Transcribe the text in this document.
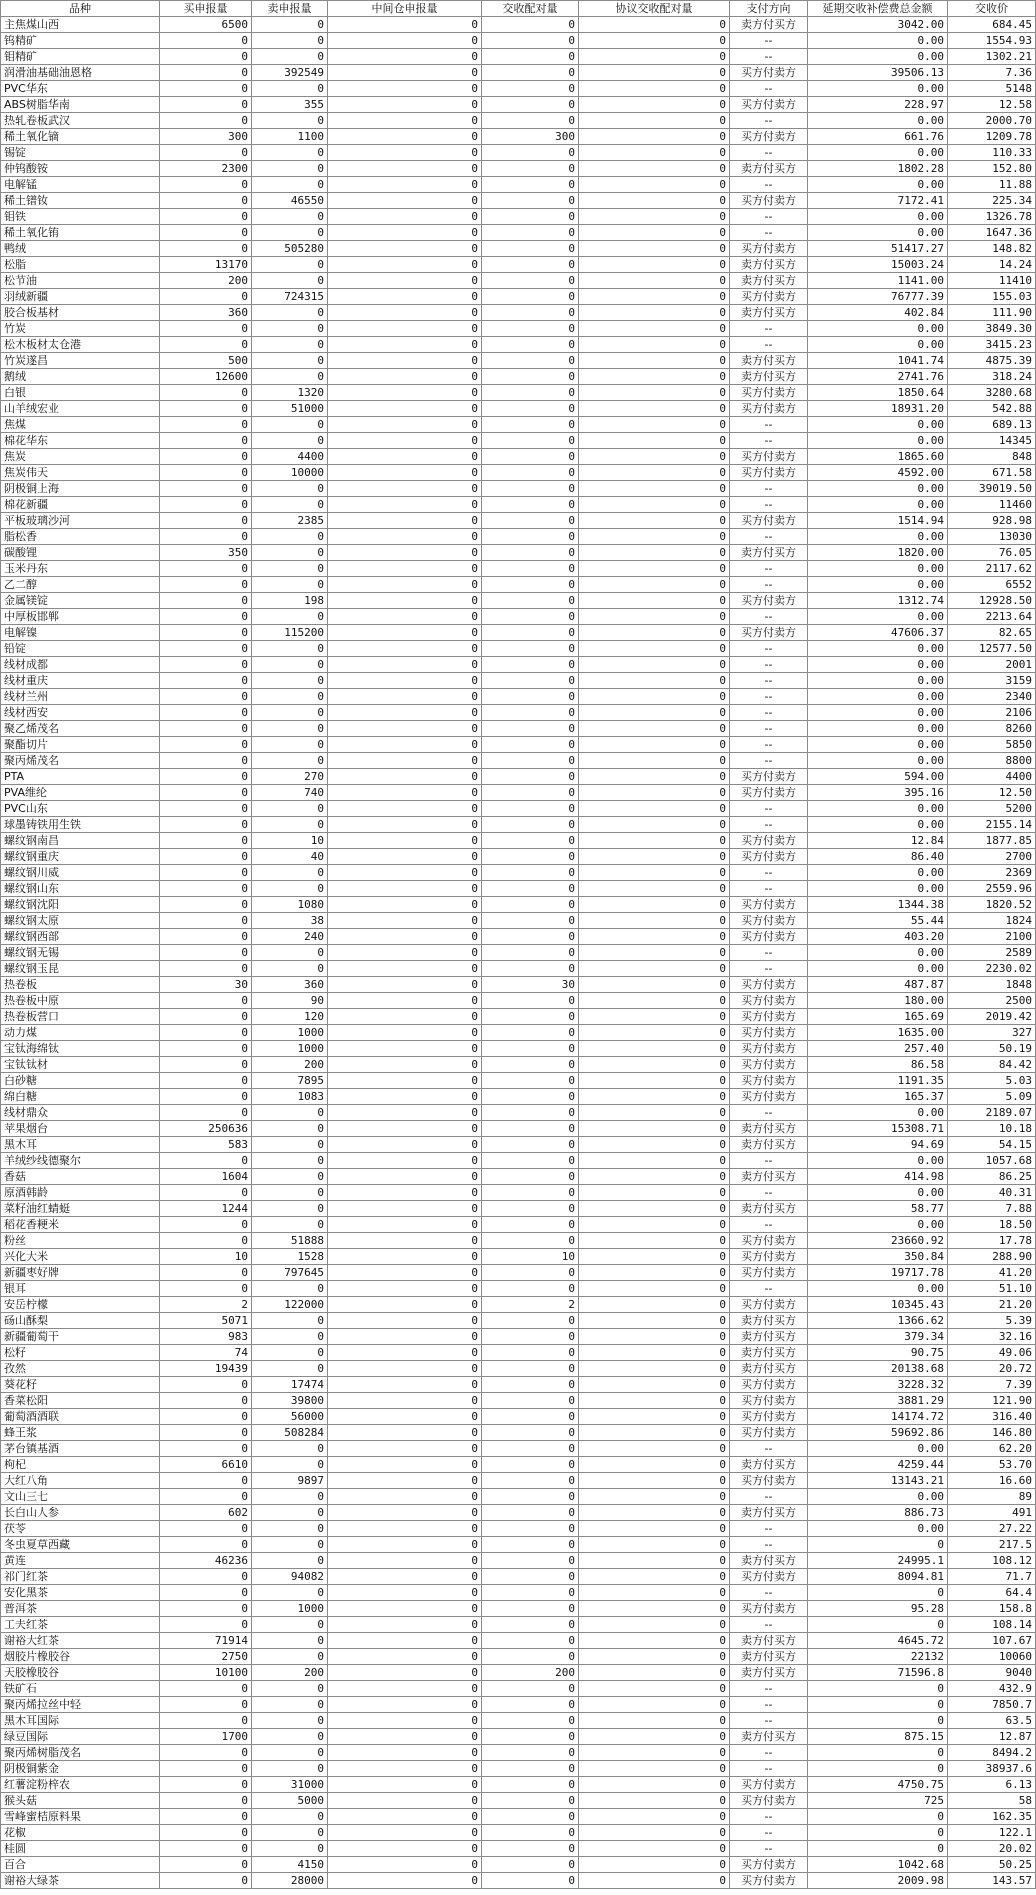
品种	买申报量	卖申报量	中间仓申报量	交收配对量	协议交收配对量	支付方向	延期交收补偿费总金额	交收价
主焦煤山西	6500	0	0	0	0	卖方付买方	3042.00	684.45
钨精矿	0	0	0	0	0	--	0.00	1554.93
钼精矿	0	0	0	0	0	--	0.00	1302.21
润滑油基础油恩格	0	392549	0	0	0	买方付卖方	39506.13	7.36
PVC华东	0	0	0	0	0	--	0.00	5148
ABS树脂华南	0	355	0	0	0	买方付卖方	228.97	12.58
热轧卷板武汉	0	0	0	0	0	--	0.00	2000.70
稀土氧化镝	300	1100	0	300	0	买方付卖方	661.76	1209.78
锡锭	0	0	0	0	0	--	0.00	110.33
仲钨酸铵	2300	0	0	0	0	卖方付买方	1802.28	152.80
电解锰	0	0	0	0	0	--	0.00	11.88
稀土镨钕	0	46550	0	0	0	买方付卖方	7172.41	225.34
钼铁	0	0	0	0	0	--	0.00	1326.78
稀土氧化铕	0	0	0	0	0	--	0.00	1647.36
鸭绒	0	505280	0	0	0	买方付卖方	51417.27	148.82
松脂	13170	0	0	0	0	卖方付买方	15003.24	14.24
松节油	200	0	0	0	0	卖方付买方	1141.00	11410
羽绒新疆	0	724315	0	0	0	买方付卖方	76777.39	155.03
胶合板基材	360	0	0	0	0	卖方付买方	402.84	111.90
竹炭	0	0	0	0	0	--	0.00	3849.30
松木板材太仓港	0	0	0	0	0	--	0.00	3415.23
竹炭遂昌	500	0	0	0	0	卖方付买方	1041.74	4875.39
鹅绒	12600	0	0	0	0	卖方付买方	2741.76	318.24
白银	0	1320	0	0	0	买方付卖方	1850.64	3280.68
山羊绒宏业	0	51000	0	0	0	买方付卖方	18931.20	542.88
焦煤	0	0	0	0	0	--	0.00	689.13
棉花华东	0	0	0	0	0	--	0.00	14345
焦炭	0	4400	0	0	0	买方付卖方	1865.60	848
焦炭伟天	0	10000	0	0	0	买方付卖方	4592.00	671.58
阴极铜上海	0	0	0	0	0	--	0.00	39019.50
棉花新疆	0	0	0	0	0	--	0.00	11460
平板玻璃沙河	0	2385	0	0	0	买方付卖方	1514.94	928.98
脂松香	0	0	0	0	0	--	0.00	13030
碳酸锂	350	0	0	0	0	卖方付买方	1820.00	76.05
玉米丹东	0	0	0	0	0	--	0.00	2117.62
乙二醇	0	0	0	0	0	--	0.00	6552
金属镁锭	0	198	0	0	0	买方付卖方	1312.74	12928.50
中厚板邯郸	0	0	0	0	0	--	0.00	2213.64
电解镍	0	115200	0	0	0	买方付卖方	47606.37	82.65
铅锭	0	0	0	0	0	--	0.00	12577.50
线材成都	0	0	0	0	0	--	0.00	2001
线材重庆	0	0	0	0	0	--	0.00	3159
线材兰州	0	0	0	0	0	--	0.00	2340
线材西安	0	0	0	0	0	--	0.00	2106
聚乙烯茂名	0	0	0	0	0	--	0.00	8260
聚酯切片	0	0	0	0	0	--	0.00	5850
聚丙烯茂名	0	0	0	0	0	--	0.00	8800
PTA	0	270	0	0	0	买方付卖方	594.00	4400
PVA维纶	0	740	0	0	0	买方付卖方	395.16	12.50
PVC山东	0	0	0	0	0	--	0.00	5200
球墨铸铁用生铁	0	0	0	0	0	--	0.00	2155.14
螺纹钢南昌	0	10	0	0	0	买方付卖方	12.84	1877.85
螺纹钢重庆	0	40	0	0	0	买方付卖方	86.40	2700
螺纹钢川威	0	0	0	0	0	--	0.00	2369
螺纹钢山东	0	0	0	0	0	--	0.00	2559.96
螺纹钢沈阳	0	1080	0	0	0	买方付卖方	1344.38	1820.52
螺纹钢太原	0	38	0	0	0	买方付卖方	55.44	1824
螺纹钢西部	0	240	0	0	0	买方付卖方	403.20	2100
螺纹钢无锡	0	0	0	0	0	--	0.00	2589
螺纹钢玉昆	0	0	0	0	0	--	0.00	2230.02
热卷板	30	360	0	30	0	买方付卖方	487.87	1848
热卷板中原	0	90	0	0	0	买方付卖方	180.00	2500
热卷板营口	0	120	0	0	0	买方付卖方	165.69	2019.42
动力煤	0	1000	0	0	0	买方付卖方	1635.00	327
宝钛海绵钛	0	1000	0	0	0	买方付卖方	257.40	50.19
宝钛钛材	0	200	0	0	0	买方付卖方	86.58	84.42
白砂糖	0	7895	0	0	0	买方付卖方	1191.35	5.03
绵白糖	0	1083	0	0	0	买方付卖方	165.37	5.09
线材鼎众	0	0	0	0	0	--	0.00	2189.07
苹果烟台	250636	0	0	0	0	卖方付买方	15308.71	10.18
黑木耳	583	0	0	0	0	卖方付买方	94.69	54.15
羊绒纱线德聚尔	0	0	0	0	0	--	0.00	1057.68
香菇	1604	0	0	0	0	卖方付买方	414.98	86.25
原酒韩龄	0	0	0	0	0	--	0.00	40.31
菜籽油红蜻蜓	1244	0	0	0	0	卖方付买方	58.77	7.88
稻花香粳米	0	0	0	0	0	--	0.00	18.50
粉丝	0	51888	0	0	0	买方付卖方	23660.92	17.78
兴化大米	10	1528	0	10	0	买方付卖方	350.84	288.90
新疆枣好牌	0	797645	0	0	0	买方付卖方	19717.78	41.20
银耳	0	0	0	0	0	--	0.00	51.10
安岳柠檬	2	122000	0	2	0	买方付卖方	10345.43	21.20
砀山酥梨	5071	0	0	0	0	卖方付买方	1366.62	5.39
新疆葡萄干	983	0	0	0	0	卖方付买方	379.34	32.16
松籽	74	0	0	0	0	卖方付买方	90.75	49.06
孜然	19439	0	0	0	0	卖方付买方	20138.68	20.72
葵花籽	0	17474	0	0	0	买方付卖方	3228.32	7.39
香菜松阳	0	39800	0	0	0	买方付卖方	3881.29	121.90
葡萄酒酒联	0	56000	0	0	0	买方付卖方	14174.72	316.40
蜂王浆	0	508284	0	0	0	买方付卖方	59692.86	146.80
茅台镇基酒	0	0	0	0	0	--	0.00	62.20
枸杞	6610	0	0	0	0	卖方付买方	4259.44	53.70
大红八角	0	9897	0	0	0	买方付卖方	13143.21	16.60
文山三七	0	0	0	0	0	--	0.00	89
长白山人参	602	0	0	0	0	卖方付买方	886.73	491
茯苓	0	0	0	0	0	--	0.00	27.22
冬虫夏草西藏	0	0	0	0	0	--	0	217.5
黄连	46236	0	0	0	0	卖方付买方	24995.1	108.12
祁门红茶	0	94082	0	0	0	买方付卖方	8094.81	71.7
安化黑茶	0	0	0	0	0	--	0	64.4
普洱茶	0	1000	0	0	0	买方付卖方	95.28	158.8
工夫红茶	0	0	0	0	0	--	0	108.14
谢裕大红茶	71914	0	0	0	0	卖方付买方	4645.72	107.67
烟胶片橡胶谷	2750	0	0	0	0	卖方付买方	22132	10060
天胶橡胶谷	10100	200	0	200	0	卖方付买方	71596.8	9040
铁矿石	0	0	0	0	0	--	0	432.9
聚丙烯拉丝中轻	0	0	0	0	0	--	0	7850.7
黑木耳国际	0	0	0	0	0	--	0	63.5
绿豆国际	1700	0	0	0	0	卖方付买方	875.15	12.87
聚丙烯树脂茂名	0	0	0	0	0	--	0	8494.2
阴极铜紫金	0	0	0	0	0	--	0	38937.6
红薯淀粉梓农	0	31000	0	0	0	买方付卖方	4750.75	6.13
猴头菇	0	5000	0	0	0	买方付卖方	725	58
雪峰蜜桔原料果	0	0	0	0	0	--	0	162.35
花椒	0	0	0	0	0	--	0	122.1
桂圆	0	0	0	0	0	--	0	20.02
百合	0	4150	0	0	0	买方付卖方	1042.68	50.25
谢裕大绿茶	0	28000	0	0	0	买方付卖方	2009.98	143.57
